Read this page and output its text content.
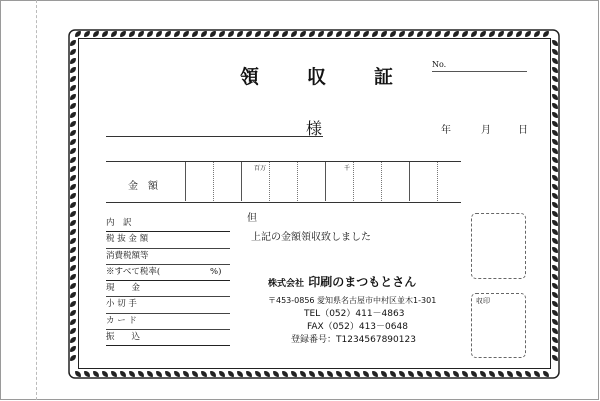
領	収	証
No.
様	年	月	日
金　額
百万	千
但
上記の金額領収致しました
内　訳
税 抜 金 額
消費税額等
※すべて税率(	%)
現　　金
小 切 手
カ ー ド
振　　込
株式会社 印刷のまつもとさん
〒453-0856 愛知県名古屋市中村区並木1-301
TEL（052）411－4863
FAX（052）413－0648
登録番号：T1234567890123
収印
